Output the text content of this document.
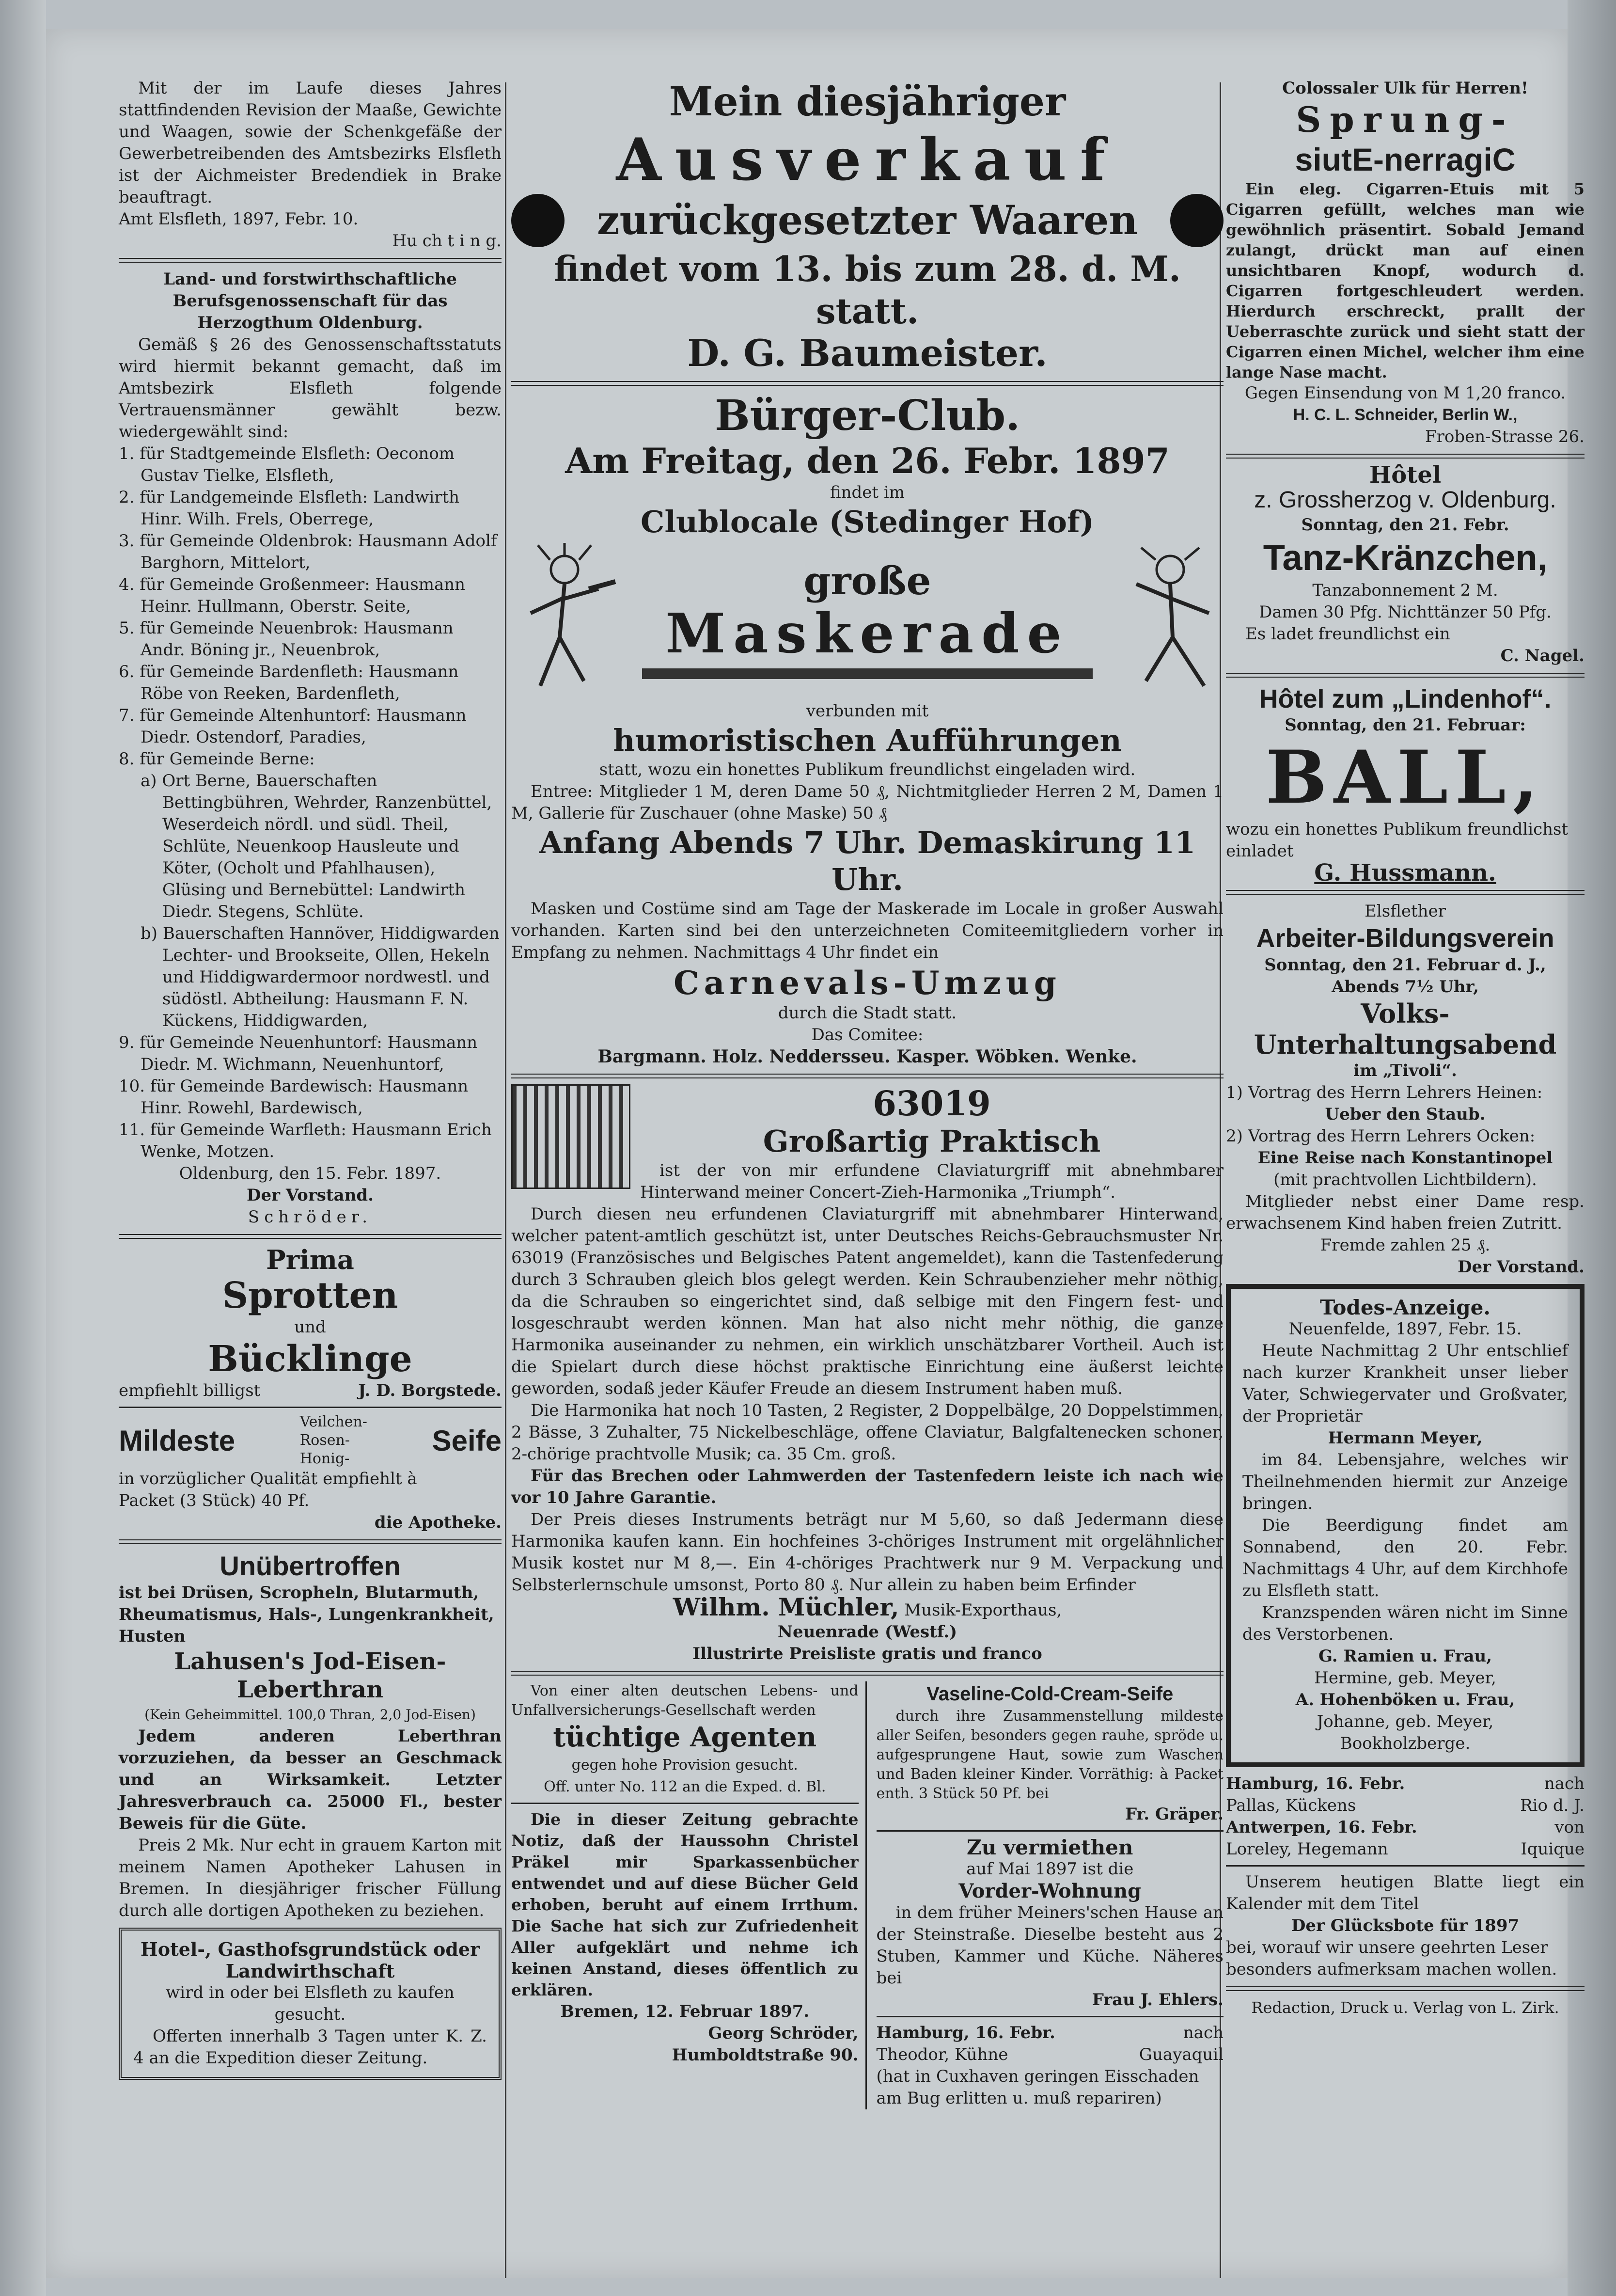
Mit der im Laufe dieses Jahres stattfindenden Revision der Maaße, Gewichte und Waagen, sowie der Schenkgefäße der Gewerbetreibenden des Amtsbezirks Elsfleth ist der Aichmeister Bredendiek in Brake beauftragt.

Amt Elsfleth, 1897, Febr. 10.

Hu ch t i n g.

Land- und forstwirthschaftliche Berufsgenossenschaft für das Herzogthum Oldenburg.

Gemäß § 26 des Genossenschaftsstatuts wird hiermit bekannt gemacht, daß im Amtsbezirk Elsfleth folgende Vertrauensmänner gewählt bezw. wiedergewählt sind:

1. für Stadtgemeinde Elsfleth: Oeconom Gustav Tielke, Elsfleth,

2. für Landgemeinde Elsfleth: Landwirth Hinr. Wilh. Frels, Oberrege,

3. für Gemeinde Oldenbrok: Hausmann Adolf Barghorn, Mittelort,

4. für Gemeinde Großenmeer: Hausmann Heinr. Hullmann, Oberstr. Seite,

5. für Gemeinde Neuenbrok: Hausmann Andr. Böning jr., Neuenbrok,

6. für Gemeinde Bardenfleth: Hausmann Röbe von Reeken, Bardenfleth,

7. für Gemeinde Altenhuntorf: Hausmann Diedr. Ostendorf, Paradies,

8. für Gemeinde Berne:

a) Ort Berne, Bauerschaften Bettingbühren, Wehrder, Ranzenbüttel, Weserdeich nördl. und südl. Theil, Schlüte, Neuenkoop Hausleute und Köter, (Ocholt und Pfahlhausen), Glüsing und Bernebüttel: Landwirth Diedr. Stegens, Schlüte.

b) Bauerschaften Hannöver, Hiddigwarden Lechter- und Brookseite, Ollen, Hekeln und Hiddigwardermoor nordwestl. und südöstl. Abtheilung: Hausmann F. N. Kückens, Hiddigwarden,

9. für Gemeinde Neuenhuntorf: Hausmann Diedr. M. Wichmann, Neuenhuntorf,

10. für Gemeinde Bardewisch: Hausmann Hinr. Rowehl, Bardewisch,

11. für Gemeinde Warfleth: Hausmann Erich Wenke, Motzen.

Oldenburg, den 15. Febr. 1897.

Der Vorstand.

Schröder.

Prima

Sprotten

und

Bücklinge

empfiehlt billigst	J. D. Borgstede.

Mildeste
Veilchen-
Rosen-
Honig-
Seife

in vorzüglicher Qualität empfiehlt à

Packet (3 Stück) 40 Pf.

die Apotheke.

Unübertroffen

ist bei Drüsen, Scropheln, Blutarmuth, Rheumatismus, Hals-, Lungenkrankheit, Husten

Lahusen's Jod-Eisen-Leberthran

(Kein Geheimmittel. 100,0 Thran, 2,0 Jod-Eisen)

Jedem anderen Leberthran vorzuziehen, da besser an Geschmack und an Wirksamkeit. Letzter Jahresverbrauch ca. 25000 Fl., bester Beweis für die Güte.

Preis 2 Mk. Nur echt in grauem Karton mit meinem Namen Apotheker Lahusen in Bremen. In diesjähriger frischer Füllung durch alle dortigen Apotheken zu beziehen.

Hotel-, Gasthofsgrundstück oder Landwirthschaft

wird in oder bei Elsfleth zu kaufen gesucht.

Offerten innerhalb 3 Tagen unter K. Z. 4 an die Expedition dieser Zeitung.

Mein diesjähriger

Ausverkauf

zurückgesetzter Waaren

findet vom 13. bis zum 28. d. M.

statt.

D. G. Baumeister.

Bürger-Club.

Am Freitag, den 26. Febr. 1897

findet im

Clublocale (Stedinger Hof)

große

Maskerade

verbunden mit

humoristischen Aufführungen

statt, wozu ein honettes Publikum freundlichst eingeladen wird.

Entree: Mitglieder 1 M, deren Dame 50 ₰, Nichtmitglieder Herren 2 M, Damen 1 M, Gallerie für Zuschauer (ohne Maske) 50 ₰

Anfang Abends 7 Uhr. Demaskirung 11 Uhr.

Masken und Costüme sind am Tage der Maskerade im Locale in großer Auswahl vorhanden. Karten sind bei den unterzeichneten Comiteemitgliedern vorher in Empfang zu nehmen. Nachmittags 4 Uhr findet ein

Carnevals-Umzug

durch die Stadt statt.

Das Comitee:

Bargmann. Holz. Neddersseu. Kasper. Wöbken. Wenke.

63019

Großartig Praktisch

ist der von mir erfundene Claviaturgriff mit abnehmbarer Hinterwand meiner Concert-Zieh-Harmonika „Triumph“.

Durch diesen neu erfundenen Claviaturgriff mit abnehmbarer Hinterwand, welcher patent-amtlich geschützt ist, unter Deutsches Reichs-Gebrauchsmuster Nr. 63019 (Französisches und Belgisches Patent angemeldet), kann die Tastenfederung durch 3 Schrauben gleich blos gelegt werden. Kein Schraubenzieher mehr nöthig, da die Schrauben so eingerichtet sind, daß selbige mit den Fingern fest- und losgeschraubt werden können. Man hat also nicht mehr nöthig, die ganze Harmonika auseinander zu nehmen, ein wirklich unschätzbarer Vortheil. Auch ist die Spielart durch diese höchst praktische Einrichtung eine äußerst leichte geworden, sodaß jeder Käufer Freude an diesem Instrument haben muß.

Die Harmonika hat noch 10 Tasten, 2 Register, 2 Doppelbälge, 20 Doppelstimmen, 2 Bässe, 3 Zuhalter, 75 Nickelbeschläge, offene Claviatur, Balgfaltenecken schoner, 2-chörige prachtvolle Musik; ca. 35 Cm. groß.

Für das Brechen oder Lahmwerden der Tastenfedern leiste ich nach wie vor 10 Jahre Garantie.

Der Preis dieses Instruments beträgt nur M 5,60, so daß Jedermann diese Harmonika kaufen kann. Ein hochfeines 3-chöriges Instrument mit orgelähnlicher Musik kostet nur M 8,—. Ein 4-chöriges Prachtwerk nur 9 M. Verpackung und Selbsterlernschule umsonst, Porto 80 ₰. Nur allein zu haben beim Erfinder

Wilhm. Müchler, Musik-Exporthaus,

Neuenrade (Westf.)

Illustrirte Preisliste gratis und franco

Von einer alten deutschen Lebens- und Unfallversicherungs-Gesellschaft werden

tüchtige Agenten

gegen hohe Provision gesucht.

Off. unter No. 112 an die Exped. d. Bl.

Die in dieser Zeitung gebrachte Notiz, daß der Haussohn Christel Präkel mir Sparkassenbücher entwendet und auf diese Bücher Geld erhoben, beruht auf einem Irrthum. Die Sache hat sich zur Zufriedenheit Aller aufgeklärt und nehme ich keinen Anstand, dieses öffentlich zu erklären.

Bremen, 12. Februar 1897.

Georg Schröder,

Humboldtstraße 90.

Vaseline-Cold-Cream-Seife

durch ihre Zusammenstellung mildeste aller Seifen, besonders gegen rauhe, spröde u. aufgesprungene Haut, sowie zum Waschen und Baden kleiner Kinder. Vorräthig: à Packet enth. 3 Stück 50 Pf. bei

Fr. Gräper.

Zu vermiethen

auf Mai 1897 ist die

Vorder-Wohnung

in dem früher Meiners'schen Hause an der Steinstraße. Dieselbe besteht aus 2 Stuben, Kammer und Küche. Näheres bei

Frau J. Ehlers.

Hamburg, 16. Febr.	nach

Theodor, Kühne	Guayaquil

(hat in Cuxhaven geringen Eisschaden am Bug erlitten u. muß repariren)

Colossaler Ulk für Herren!

Sprung-

siutE-nerragiC

Ein eleg. Cigarren-Etuis mit 5 Cigarren gefüllt, welches man wie gewöhnlich präsentirt. Sobald Jemand zulangt, drückt man auf einen unsichtbaren Knopf, wodurch d. Cigarren fortgeschleudert werden. Hierdurch erschreckt, prallt der Ueberraschte zurück und sieht statt der Cigarren einen Michel, welcher ihm eine lange Nase macht.

Gegen Einsendung von M 1,20 franco.

H. C. L. Schneider, Berlin W.,

Froben-Strasse 26.

Hôtel

z. Grossherzog v. Oldenburg.

Sonntag, den 21. Febr.

Tanz-Kränzchen,

Tanzabonnement 2 M.

Damen 30 Pfg. Nichttänzer 50 Pfg.

Es ladet freundlichst ein

C. Nagel.

Hôtel zum „Lindenhof“.

Sonntag, den 21. Februar:

BALL,

wozu ein honettes Publikum freundlichst einladet

G. Hussmann.

Elsflether

Arbeiter-Bildungsverein

Sonntag, den 21. Februar d. J.,

Abends 7½ Uhr,

Volks-

Unterhaltungsabend

im „Tivoli“.

1) Vortrag des Herrn Lehrers Heinen:

Ueber den Staub.

2) Vortrag des Herrn Lehrers Ocken:

Eine Reise nach Konstantinopel

(mit prachtvollen Lichtbildern).

Mitglieder nebst einer Dame resp. erwachsenem Kind haben freien Zutritt.

Fremde zahlen 25 ₰.

Der Vorstand.

Todes-Anzeige.

Neuenfelde, 1897, Febr. 15.

Heute Nachmittag 2 Uhr entschlief nach kurzer Krankheit unser lieber Vater, Schwiegervater und Großvater, der Proprietär

Hermann Meyer,

im 84. Lebensjahre, welches wir Theilnehmenden hiermit zur Anzeige bringen.

Die Beerdigung findet am Sonnabend, den 20. Febr. Nachmittags 4 Uhr, auf dem Kirchhofe zu Elsfleth statt.

Kranzspenden wären nicht im Sinne des Verstorbenen.

G. Ramien u. Frau,

Hermine, geb. Meyer,

A. Hohenböken u. Frau,

Johanne, geb. Meyer,

Bookholzberge.

Hamburg, 16. Febr.	nach

Pallas, Kückens	Rio d. J.

Antwerpen, 16. Febr.	von

Loreley, Hegemann	Iquique

Unserem heutigen Blatte liegt ein Kalender mit dem Titel

Der Glücksbote für 1897

bei, worauf wir unsere geehrten Leser besonders aufmerksam machen wollen.

Redaction, Druck u. Verlag von L. Zirk.
